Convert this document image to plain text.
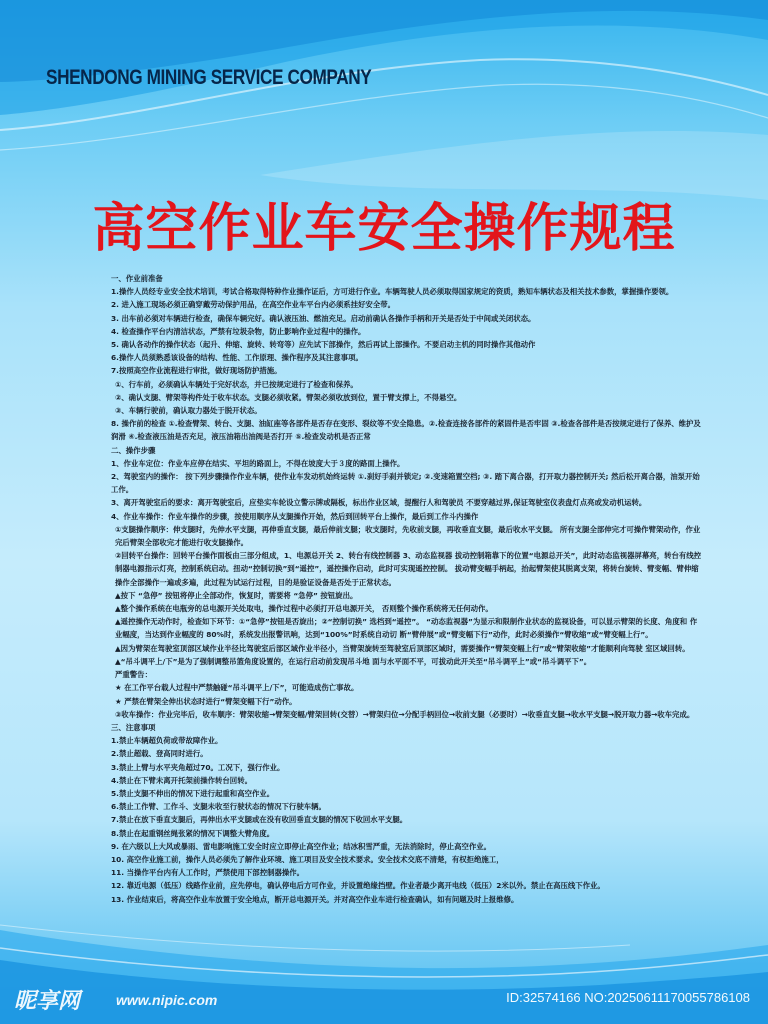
SHENDONG MINING SERVICE COMPANY
高空作业车安全操作规程
一、作业前准备
1.操作人员经专业安全技术培训，考试合格取得特种作业操作证后，方可进行作业。车辆驾驶人员必须取得国家规定的资质，熟知车辆状态及相关技术参数，掌握操作要领。
2. 进入施工现场必须正确穿戴劳动保护用品，在高空作业车平台内必须系挂好安全带。
3. 出车前必须对车辆进行检查，确保车辆完好。确认液压油、燃油充足。启动前确认各操作手柄和开关是否处于中间或关闭状态。
4. 检查操作平台内清洁状态，严禁有垃圾杂物，防止影响作业过程中的操作。
5. 确认各动作的操作状态（起升、伸缩、旋转、转弯等）应先试下部操作，然后再试上部操作。不要启动主机的同时操作其他动作
6.操作人员须熟悉该设备的结构、性能、工作原理、操作程序及其注意事项。
7.按照高空作业流程进行审批，做好现场防护措施。
①、行车前，必须确认车辆处于完好状态，并已按规定进行了检查和保养。
②、确认支腿、臂架等构件处于收车状态。支腿必须收紧。臂架必须收放到位，置于臂支撑上，不得悬空。
③、车辆行驶前，确认取力器处于脱开状态。
8. 操作前的检查 ①.检查臂架、转台、支腿、油缸座等各部件是否存在变形、裂纹等不安全隐患。②.检查连接各部件的紧固件是否牢固 ③.检查各部件是否按规定进行了保养、维护及润滑 ④.检查液压油是否充足，液压油箱出油阀是否打开 ⑤.检查发动机是否正常
二、操作步骤
1、作业车定位：作业车应停在结实、平坦的路面上，不得在坡度大于３度的路面上操作。
2、驾驶室内的操作： 按下列步骤操作作业车辆，使作业车发动机始终运转 ①.刹好手刹并锁定; ②.变速箱置空档; ③. 踏下离合器，打开取力器控制开关; 然后松开离合器，油泵开始工作。
3、离开驾驶室后的要求：离开驾驶室后，应垫实车轮设立警示牌或隔板，标出作业区域，提醒行人和驾驶员 不要穿越过界,保证驾驶室仪表盘灯点亮或发动机运转。
4、作业车操作：作业车操作的步骤，按使用顺序从支腿操作开始，然后到回转平台上操作，最后到工作斗内操作
①支腿操作顺序：伸支腿时，先伸水平支腿，再伸垂直支腿，最后伸前支腿；收支腿时，先收前支腿，再收垂直支腿，最后收水平支腿。 所有支腿全部伸完才可操作臂架动作，作业完后臂架全部收完才能进行收支腿操作。
②回转平台操作：回转平台操作面板由三部分组成，1、电源总开关 2、转台有线控制器 3、动态监视器 拔动控制箱靠下的位置“电源总开关”，此时动态监视器屏幕亮，转台有线控制器电源指示灯亮，控制系统启动。扭动“控制切换”到“遥控”，遥控操作启动，此时可实现遥控控制。 拔动臂变幅手柄起，抬起臂架使其脱离支架，将转台旋转、臂变幅、臂伸缩操作全部操作一遍或多遍，此过程为试运行过程，目的是验证设备是否处于正常状态。
▲按下 “急停” 按钮将停止全部动作，恢复时，需要将 “急停” 按钮旋出。
▲整个操作系统在电瓶旁的总电源开关处取电，操作过程中必须打开总电源开关， 否则整个操作系统将无任何动作。
▲遥控操作无动作时，检查如下环节：①“急停”按钮是否旋出；②“控制切换” 选档到“遥控”。 “动态监视器”为显示和限制作业状态的监视设备，可以显示臂架的长度、角度和 作业幅度，当达到作业幅度的 80%时，系统发出报警讯响，达到“100%”时系统自动切 断“臂伸展”或“臂变幅下行”动作，此时必须操作“臂收缩”或“臂变幅上行”。
▲因为臂架在驾驶室顶部区域作业半径比驾驶室后部区域作业半径小，当臂架旋转至驾驶室后顶部区域时，需要操作“臂架变幅上行”或“臂架收缩”才能顺利向驾驶 室区域回转。
▲“吊斗调平上/下”是为了强制调整吊篮角度设置的，在运行启动前发现吊斗地 面与水平面不平，可拔动此开关至“吊斗调平上”或“吊斗调平下”。
严重警告：
★ 在工作平台载人过程中严禁触碰“吊斗调平上/下”，可能造成伤亡事故。
★ 严禁在臂架全伸出状态时进行“臂架变幅下行”动作。
③收车操作：作业完毕后，收车顺序：臂架收缩→臂架变幅/臂架回转(交替）→臂架归位→分配手柄回位→收前支腿（必要时）→收垂直支腿→收水平支腿→脱开取力器→收车完成。
三、注意事项
1.禁止车辆超负荷或带故障作业。
2.禁止超载、登高同时进行。
3.禁止上臂与水平夹角超过70。工况下，强行作业。
4.禁止在下臂未离开托架前操作转台回转。
5.禁止支腿不伸出的情况下进行起重和高空作业。
6.禁止工作臂、工作斗、支腿未收至行驶状态的情况下行驶车辆。
7.禁止在放下垂直支腿后，再伸出水平支腿或在没有收回垂直支腿的情况下收回水平支腿。
8.禁止在起重钢丝绳张紧的情况下调整大臂角度。
9. 在六级以上大风或暴雨、雷电影响施工安全时应立即停止高空作业；结冰积雪严重，无法消除时，停止高空作业。
10. 高空作业施工前，操作人员必须先了解作业环境、施工项目及安全技术要求。安全技术交底不清楚，有权拒绝施工，
11. 当操作平台内有人工作时，严禁使用下部控制器操作。
12. 靠近电源（低压）线路作业前，应先停电，确认停电后方可作业，并设置绝缘挡壁。作业者最少离开电线（低压）2米以外。禁止在高压线下作业。
13. 作业结束后，将高空作业车放置于安全地点，断开总电源开关。并对高空作业车进行检查确认，如有问题及时上报维修。
昵享网	www.nipic.com	ID:32574166 NO:20250611170055786108
